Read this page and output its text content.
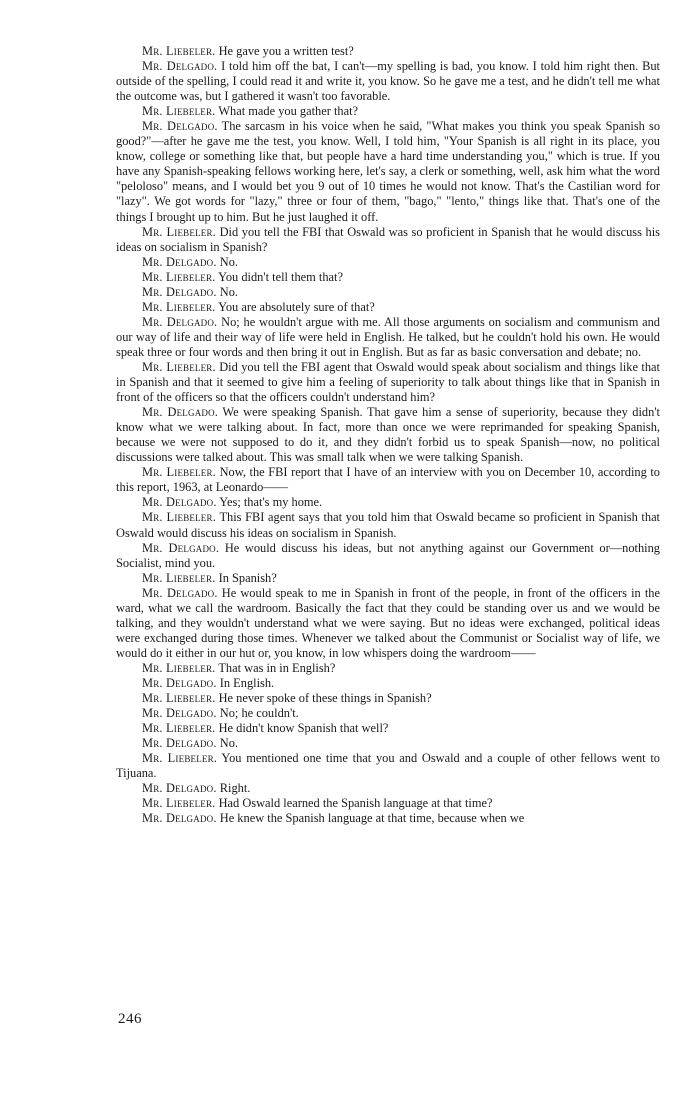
Mr. Liebeler. He gave you a written test?

Mr. Delgado. I told him off the bat, I can't—my spelling is bad, you know. I told him right then. But outside of the spelling, I could read it and write it, you know. So he gave me a test, and he didn't tell me what the outcome was, but I gathered it wasn't too favorable.

Mr. Liebeler. What made you gather that?

Mr. Delgado. The sarcasm in his voice when he said, "What makes you think you speak Spanish so good?"—after he gave me the test, you know. Well, I told him, "Your Spanish is all right in its place, you know, college or something like that, but people have a hard time understanding you," which is true. If you have any Spanish-speaking fellows working here, let's say, a clerk or something, well, ask him what the word "peloloso" means, and I would bet you 9 out of 10 times he would not know. That's the Castilian word for "lazy". We got words for "lazy," three or four of them, "bago," "lento," things like that. That's one of the things I brought up to him. But he just laughed it off.

Mr. Liebeler. Did you tell the FBI that Oswald was so proficient in Spanish that he would discuss his ideas on socialism in Spanish?

Mr. Delgado. No.

Mr. Liebeler. You didn't tell them that?

Mr. Delgado. No.

Mr. Liebeler. You are absolutely sure of that?

Mr. Delgado. No; he wouldn't argue with me. All those arguments on socialism and communism and our way of life and their way of life were held in English. He talked, but he couldn't hold his own. He would speak three or four words and then bring it out in English. But as far as basic conversation and debate; no.

Mr. Liebeler. Did you tell the FBI agent that Oswald would speak about socialism and things like that in Spanish and that it seemed to give him a feeling of superiority to talk about things like that in Spanish in front of the officers so that the officers couldn't understand him?

Mr. Delgado. We were speaking Spanish. That gave him a sense of superiority, because they didn't know what we were talking about. In fact, more than once we were reprimanded for speaking Spanish, because we were not supposed to do it, and they didn't forbid us to speak Spanish—now, no political discussions were talked about. This was small talk when we were talking Spanish.

Mr. Liebeler. Now, the FBI report that I have of an interview with you on December 10, according to this report, 1963, at Leonardo——

Mr. Delgado. Yes; that's my home.

Mr. Liebeler. This FBI agent says that you told him that Oswald became so proficient in Spanish that Oswald would discuss his ideas on socialism in Spanish.

Mr. Delgado. He would discuss his ideas, but not anything against our Government or—nothing Socialist, mind you.

Mr. Liebeler. In Spanish?

Mr. Delgado. He would speak to me in Spanish in front of the people, in front of the officers in the ward, what we call the wardroom. Basically the fact that they could be standing over us and we would be talking, and they wouldn't understand what we were saying. But no ideas were exchanged, political ideas were exchanged during those times. Whenever we talked about the Communist or Socialist way of life, we would do it either in our hut or, you know, in low whispers doing the wardroom——

Mr. Liebeler. That was in in English?

Mr. Delgado. In English.

Mr. Liebeler. He never spoke of these things in Spanish?

Mr. Delgado. No; he couldn't.

Mr. Liebeler. He didn't know Spanish that well?

Mr. Delgado. No.

Mr. Liebeler. You mentioned one time that you and Oswald and a couple of other fellows went to Tijuana.

Mr. Delgado. Right.

Mr. Liebeler. Had Oswald learned the Spanish language at that time?

Mr. Delgado. He knew the Spanish language at that time, because when we

246
